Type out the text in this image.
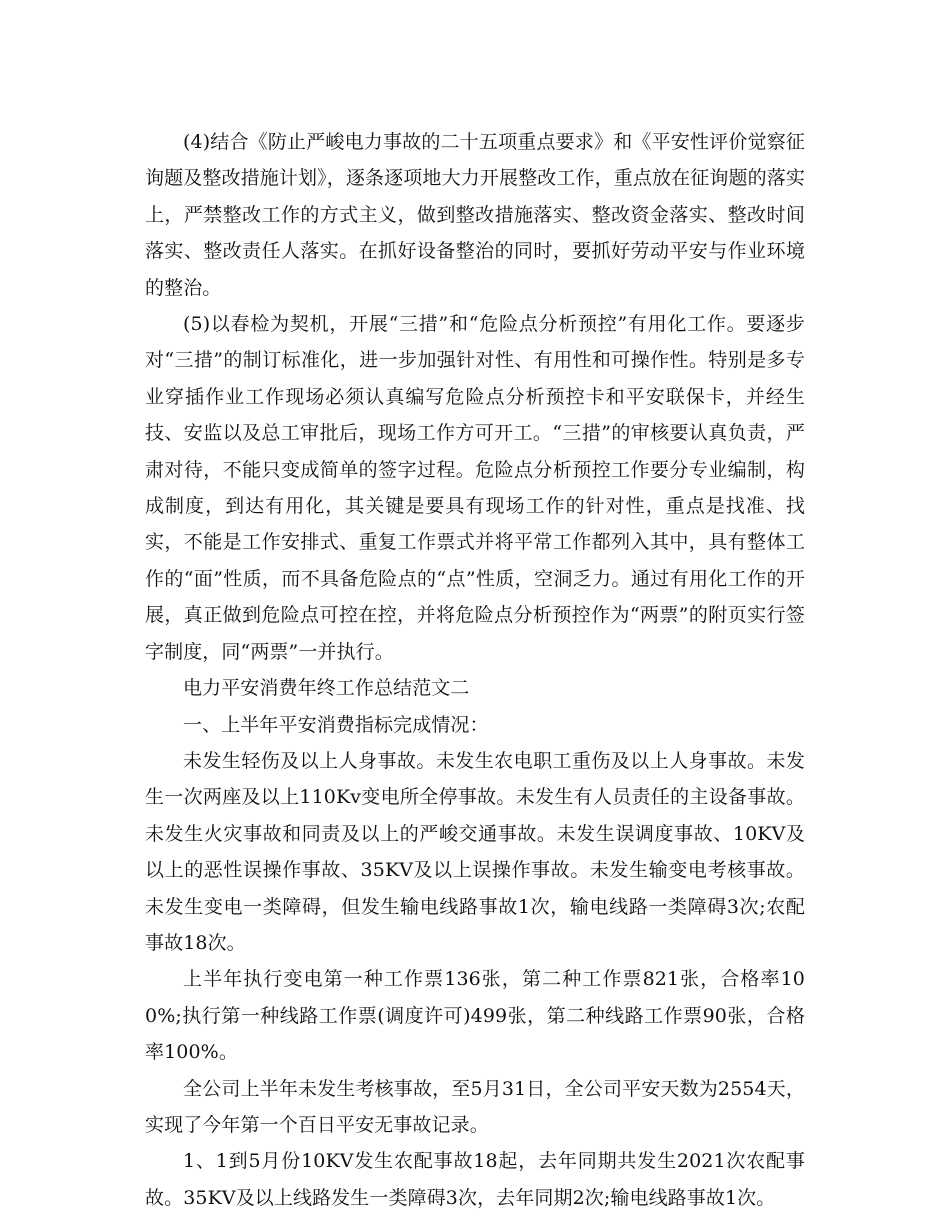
(4)结合《防止严峻电力事故的二十五项重点要求》和《平安性评价觉察征询题及整改措施计划》，逐条逐项地大力开展整改工作，重点放在征询题的落实上，严禁整改工作的方式主义，做到整改措施落实、整改资金落实、整改时间落实、整改责任人落实。在抓好设备整治的同时，要抓好劳动平安与作业环境的整治。

(5)以春检为契机，开展“三措”和“危险点分析预控”有用化工作。要逐步对“三措”的制订标准化，进一步加强针对性、有用性和可操作性。特别是多专业穿插作业工作现场必须认真编写危险点分析预控卡和平安联保卡，并经生技、安监以及总工审批后，现场工作方可开工。“三措”的审核要认真负责，严肃对待，不能只变成简单的签字过程。危险点分析预控工作要分专业编制，构成制度，到达有用化，其关键是要具有现场工作的针对性，重点是找准、找实，不能是工作安排式、重复工作票式并将平常工作都列入其中，具有整体工作的“面”性质，而不具备危险点的“点”性质，空洞乏力。通过有用化工作的开展，真正做到危险点可控在控，并将危险点分析预控作为“两票”的附页实行签字制度，同“两票”一并执行。

电力平安消费年终工作总结范文二

一、上半年平安消费指标完成情况：

未发生轻伤及以上人身事故。未发生农电职工重伤及以上人身事故。未发生一次两座及以上110Kv变电所全停事故。未发生有人员责任的主设备事故。未发生火灾事故和同责及以上的严峻交通事故。未发生误调度事故、10KV及以上的恶性误操作事故、35KV及以上误操作事故。未发生输变电考核事故。未发生变电一类障碍，但发生输电线路事故1次，输电线路一类障碍3次;农配事故18次。

上半年执行变电第一种工作票136张，第二种工作票821张，合格率100%;执行第一种线路工作票(调度许可)499张，第二种线路工作票90张，合格率100%。

全公司上半年未发生考核事故，至5月31日，全公司平安天数为2554天，实现了今年第一个百日平安无事故记录。

1、1到5月份10KV发生农配事故18起，去年同期共发生2021次农配事故。35KV及以上线路发生一类障碍3次，去年同期2次;输电线路事故1次。
